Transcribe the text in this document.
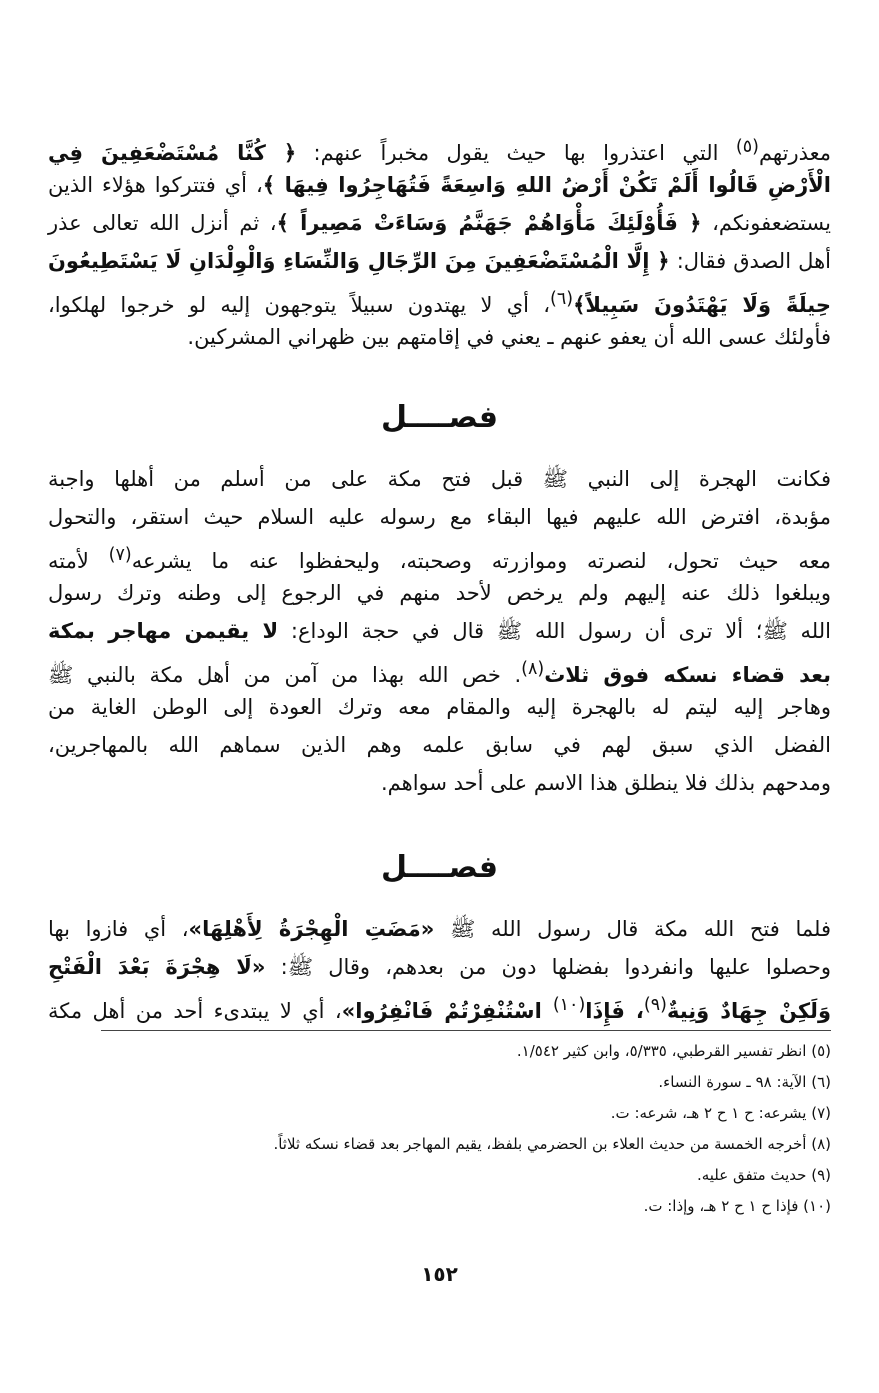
معذرتهم$^{(٥)}$ التي اعتذروا بها حيث يقول مخبراً عنهم: ﴿ كُنَّا مُسْتَضْعَفِينَ فِي
الْأَرْضِ قَالُوا أَلَمْ تَكُنْ أَرْضُ اللهِ وَاسِعَةً فَتُهَاجِرُوا فِيهَا ﴾، أي فتتركوا هؤلاء الذين
يستضعفونكم، ﴿ فَأُوْلَئِكَ مَأْوَاهُمْ جَهَنَّمُ وَسَاءَتْ مَصِيراً ﴾، ثم أنزل الله تعالى عذر
أهل الصدق فقال: ﴿ إِلَّا الْمُسْتَضْعَفِينَ مِنَ الرِّجَالِ وَالنِّسَاءِ وَالْوِلْدَانِ لَا يَسْتَطِيعُونَ
حِيلَةً وَلَا يَهْتَدُونَ سَبِيلاً﴾$^{(٦)}$، أي لا يهتدون سبيلاً يتوجهون إليه لو خرجوا لهلكوا،
فأولئك عسى الله أن يعفو عنهم ـ يعني في إقامتهم بين ظهراني المشركين.
فصــــل
فكانت الهجرة إلى النبي ﷺ قبل فتح مكة على من أسلم من أهلها واجبة
مؤبدة، افترض الله عليهم فيها البقاء مع رسوله عليه السلام حيث استقر، والتحول
معه حيث تحول، لنصرته وموازرته وصحبته، وليحفظوا عنه ما يشرعه$^{(٧)}$ لأمته
ويبلغوا ذلك عنه إليهم ولم يرخص لأحد منهم في الرجوع إلى وطنه وترك رسول
الله ﷺ؛ ألا ترى أن رسول الله ﷺ قال في حجة الوداع: لا يقيمن مهاجر بمكة
بعد قضاء نسكه فوق ثلاث$^{(٨)}$. خص الله بهذا من آمن من أهل مكة بالنبي ﷺ
وهاجر إليه ليتم له بالهجرة إليه والمقام معه وترك العودة إلى الوطن الغاية من
الفضل الذي سبق لهم في سابق علمه وهم الذين سماهم الله بالمهاجرين،
ومدحهم بذلك فلا ينطلق هذا الاسم على أحد سواهم.
فصــــل
فلما فتح الله مكة قال رسول الله ﷺ «مَضَتِ الْهِجْرَةُ لِأَهْلِهَا»، أي فازوا بها
وحصلوا عليها وانفردوا بفضلها دون من بعدهم، وقال ﷺ: «لَا هِجْرَةَ بَعْدَ الْفَتْحِ
وَلَكِنْ جِهَادٌ وَنِيةٌ$^{(٩)}$، فَإِذَا$^{(١٠)}$ اسْتُنْفِرْتُمْ فَانْفِرُوا»، أي لا يبتدىء أحد من أهل مكة
(٥) انظر تفسير القرطبي، ٥/٣٣٥، وابن كثير ١/٥٤٢.
(٦) الآية: ٩٨ ـ سورة النساء.
(٧) يشرعه: ح ١ ح ٢ هـ، شرعه: ت.
(٨) أخرجه الخمسة من حديث العلاء بن الحضرمي بلفظ، يقيم المهاجر بعد قضاء نسكه ثلاثاً.
(٩) حديث متفق عليه.
(١٠) فإذا ح ١ ح ٢ هـ، وإذا: ت.
١٥٢
